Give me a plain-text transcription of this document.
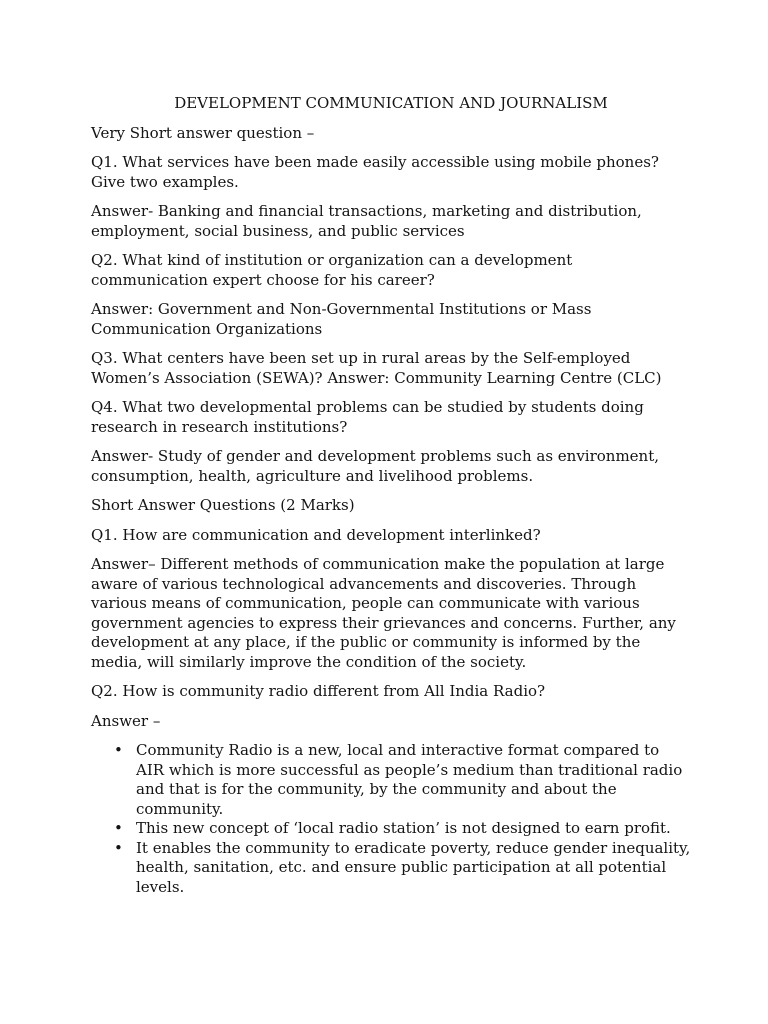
DEVELOPMENT COMMUNICATION AND JOURNALISM

Very Short answer question –

Q1. What services have been made easily accessible using mobile phones? Give two examples.

Answer- Banking and financial transactions, marketing and distribution, employment, social business, and public services

Q2. What kind of institution or organization can a development communication expert choose for his career?

Answer: Government and Non-Governmental Institutions or Mass Communication Organizations

Q3. What centers have been set up in rural areas by the Self-employed Women’s Association (SEWA)? Answer: Community Learning Centre (CLC)

Q4. What two developmental problems can be studied by students doing research in research institutions?

Answer- Study of gender and development problems such as environment, consumption, health, agriculture and livelihood problems.

Short Answer Questions (2 Marks)

Q1. How are communication and development interlinked?

Answer– Different methods of communication make the population at large aware of various technological advancements and discoveries. Through various means of communication, people can communicate with various government agencies to express their grievances and concerns. Further, any development at any place, if the public or community is informed by the media, will similarly improve the condition of the society.

Q2. How is community radio different from All India Radio?

Answer –

• Community Radio is a new, local and interactive format compared to AIR which is more successful as people’s medium than traditional radio and that is for the community, by the community and about the community.
• This new concept of ‘local radio station’ is not designed to earn profit.
• It enables the community to eradicate poverty, reduce gender inequality, health, sanitation, etc. and ensure public participation at all potential levels.
